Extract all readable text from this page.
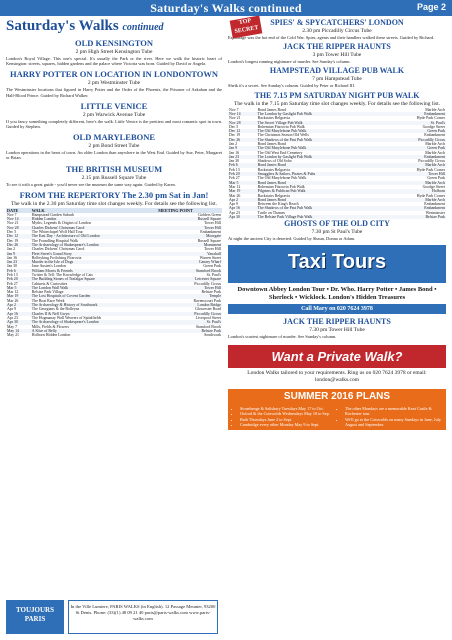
Saturday's Walks continued	Page 2
Saturday's Walks continued
OLD KENSINGTON
2 pm High Street Kensington Tube
London's Royal Village. This one's special. It's usually the Park or the river. Here we walk the historic heart of Kensington: streets, squares, hidden gardens and the palace where Victoria was born. Guided by David or Angela.
HARRY POTTER ON LOCATION IN LONDONTOWN
2 pm Westminster Tube
The Westminster locations that figured in Harry Potter and the Order of the Phoenix, the Prisoner of Azkaban and the Half-Blood Prince. Guided by Richard Walker.
LITTLE VENICE
2 pm Warwick Avenue Tube
If you fancy something completely different, here's the walk. Little Venice is the prettiest and most romantic spot in town. Guided by Stephen.
OLD MARYLEBONE
2 pm Bond Street Tube
London operations in the heart of town. An older London than anywhere in the West End. Guided by Sue, Peter, Margaret or Brian.
THE BRITISH MUSEUM
2.15 pm Russell Square Tube
To see it with a great guide - you'd never see the museum the same way again. Guided by Karen.
FROM THE REPERTORY The 2.30 pm Sat in Jan!
The walk in the 2.30 pm Saturday time slot changes weekly. For details see the following list.
DATE	WALK	MEETING POINT
Nov 7	Hampstead Garden Suburb	Golders Green
Nov 14	Hidden London	Russell Square
Nov 21	Myths, Legends & Origins of London	Tower Hill
Nov 28	Charles Dickens' Christmas Carol	Tower Hill
Dec 5	The Whitechapel Wolf Hall Tour	Embankment
Dec 12	The East Day - Architecture of Old London	Moorgate
Dec 19	The Foundling Hospital Walk	Russell Square
Dec 26	The Archaeology of Shakespeare's London	Monument
Jan 2	Charles Dickens' Christmas Carol	Tower Hill
Jan 9	Fleet Street's Grand Story	Vauxhall
Jan 16	Bolleyking Frolicking Fitzrovia	Warren Street
Jan 23	Murder in the Isle of Dogs	Canary Wharf
Jan 30	Jane Austen's London	Green Park
Feb 6	William Morris & Friends	Stamford Brook
Feb 13	Twitter & Tell: The Knowledge of Cats	St. Paul's
Feb 20	The Building Stones of Trafalgar Square	Leicester Square
Feb 27	Cabinets & Curiosities	Piccadilly Circus
Mar 5	The London Wall Walk	Tower Hill
Mar 12	Belsize Park Village	Belsize Park
Mar 19	The Lost Hospitals of Covent Garden	Temple
Mar 26	The Boat Race Week	Ravenscourt Park
Apr 2	The Archaeology & History of Southwark	London Bridge
Apr 9	The Georgians & the Bolleyns	Gloucester Road
Apr 16	Charles II & Nell Gwyn	Piccadilly Circus
Apr 23	The Hogmanay Wall Weavers of Spitalfields	Liverpool Street
Apr 30	The Archaeology of Shakespeare's London	St. Paul's
May 7	Mills, Fields & Flowers	Stamford Brook
May 14	A Slice of Belly	Belsize Park
May 21	Holborn Hidden London	Southwark
TOUJOURS PARIS
In the Ville Lumiere, PARIS WALKS (in English). 12 Passage Meunier, 93200 St Denis. Phone: (33)(1) 48 09 21 40 paris@paris-walks.com www.paris-walks.com
TOP SECRET
SPIES' & SPYCATCHERS' LONDON
2.30 pm Piccadilly Circus Tube
Espionage was the hot end of the Cold War. Spies, agents and their handlers walked these streets. Guided by Richard.
JACK THE RIPPER HAUNTS
3 pm Tower Hill Tube
London's longest running nightmare of murder. See Sunday's column.
HAMPSTEAD VILLAGE PUB WALK
7 pm Hampstead Tube
Sheik it's a secret. See Sunday's column. Guided by Peter or Richard III.
THE 7.15 PM SATURDAY NIGHT PUB WALK
The walk in the 7.15 pm Saturday time slot changes weekly. For details see the following list.
Nov 7	Bond James Bond	Marble Arch
Nov 14	The London by Gaslight Pub Walk	Embankment
Nov 21	Backstairs Belgravia	Hyde Park Corner
Nov 28	The Secret Village Pub Walk	St. Paul's
Dec 5	Bohemian Fitzrovia Pub Walk	Goodge Street
Dec 12	The Old Marylebone Pub Walk	Green Park
Dec 19	The Christmas Season Old Wells	Embankment
Dec 26	The Shadows of the Past Pub Walk	Piccadilly Circus
Jan 2	Bond James Bond	Marble Arch
Jan 9	The Old Marylebone Pub Walk	Green Park
Jan 16	The Old West End Cemetery	Marble Arch
Jan 23	The London by Gaslight Pub Walk	Embankment
Jan 30	Shadows of Old Soho	Piccadilly Circus
Feb 6	Bond James Bond	Marble Arch
Feb 13	Backstairs Belgravia	Hyde Park Corner
Feb 20	Smugglers & Sailors, Pirates & Pubs	Tower Hill
Feb 27	The Old Marylebone Pub Walk	Green Park
Mar 5	Bond James Bond	Marble Arch
Mar 12	Bohemian Fitzrovia Pub Walk	Goodge Street
Mar 19	Pilgrims & Publican Pub Walk	Holborn
Mar 26	Backstairs Belgravia	Hyde Park Corner
Apr 2	Bond James Bond	Marble Arch
Apr 9	Between the King's Reach	Embankment
Apr 16	The Shadows of the Past Pub Walk	Embankment
Apr 23	Turtle on Thames	Westminster
Apr 30	The Belsize Park Village Pub Walk	Belsize Park
GHOSTS OF THE OLD CITY
7.30 pm St Paul's Tube
At night the ancient City is deserted. Guided by Shaun, Donna or Adam.
Taxi Tours
Downtown Abbey London Tour • Dr. Who. Harry Potter • James Bond • Sherlock • Wicklock. London's Hidden Treasures
Call Mary on 020 7624 3978
JACK THE RIPPER HAUNTS
7.30 pm Tower Hill Tube
London's scariest nightmare of murder. See Sunday's column.
Want a Private Walk?
London Walks tailored to your requirements. Ring us on 020 7624 3978 or email: london@walks.com
SUMMER 2016 PLANS
• Stonehenge & Salisbury Tuesdays May 17 to Oct.
• Oxford & the Cotswolds Wednesdays May 18 to Sep.
• Bath Thursdays June 2 to Sept.
• Cambridge every other Monday May 9 to Sept.
• The other Mondays are a memorable Kent Castle & Rochester tour.
• We'll go to the Cotswolds on many Sundays in June, July August and September.
